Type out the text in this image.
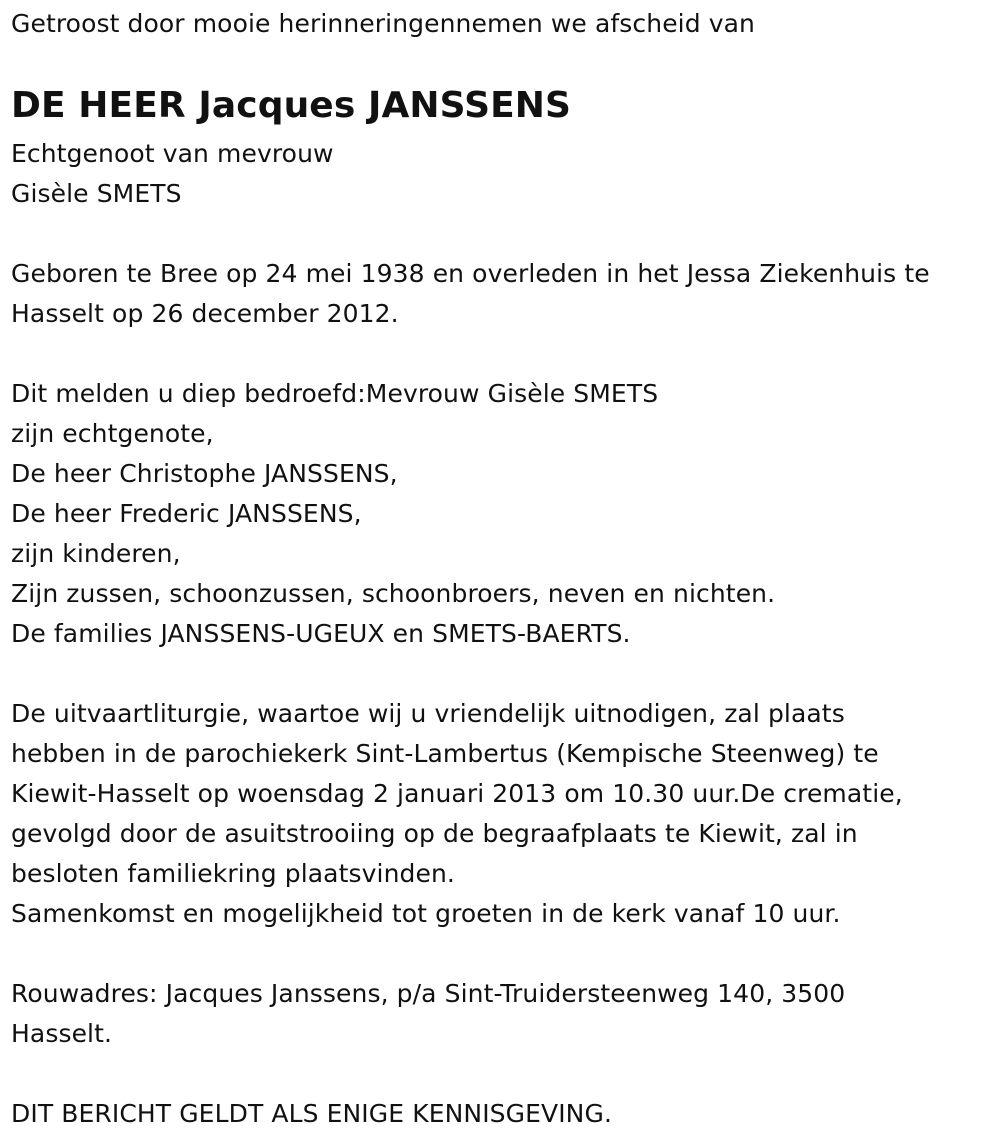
Getroost door mooie herinneringennemen we afscheid van
DE HEER Jacques JANSSENS
Echtgenoot van mevrouw
Gisèle SMETS
Geboren te Bree op 24 mei 1938 en overleden in het Jessa Ziekenhuis te
Hasselt op 26 december 2012.
Dit melden u diep bedroefd:Mevrouw Gisèle SMETS
zijn echtgenote,
De heer Christophe JANSSENS,
De heer Frederic JANSSENS,
zijn kinderen,
Zijn zussen, schoonzussen, schoonbroers, neven en nichten.
De families JANSSENS-UGEUX en SMETS-BAERTS.
De uitvaartliturgie, waartoe wij u vriendelijk uitnodigen, zal plaats
hebben in de parochiekerk Sint-Lambertus (Kempische Steenweg) te
Kiewit-Hasselt op woensdag 2 januari 2013 om 10.30 uur.De crematie,
gevolgd door de asuitstrooiing op de begraafplaats te Kiewit, zal in
besloten familiekring plaatsvinden.
Samenkomst en mogelijkheid tot groeten in de kerk vanaf 10 uur.
Rouwadres: Jacques Janssens, p/a Sint-Truidersteenweg 140, 3500
Hasselt.
DIT BERICHT GELDT ALS ENIGE KENNISGEVING.
